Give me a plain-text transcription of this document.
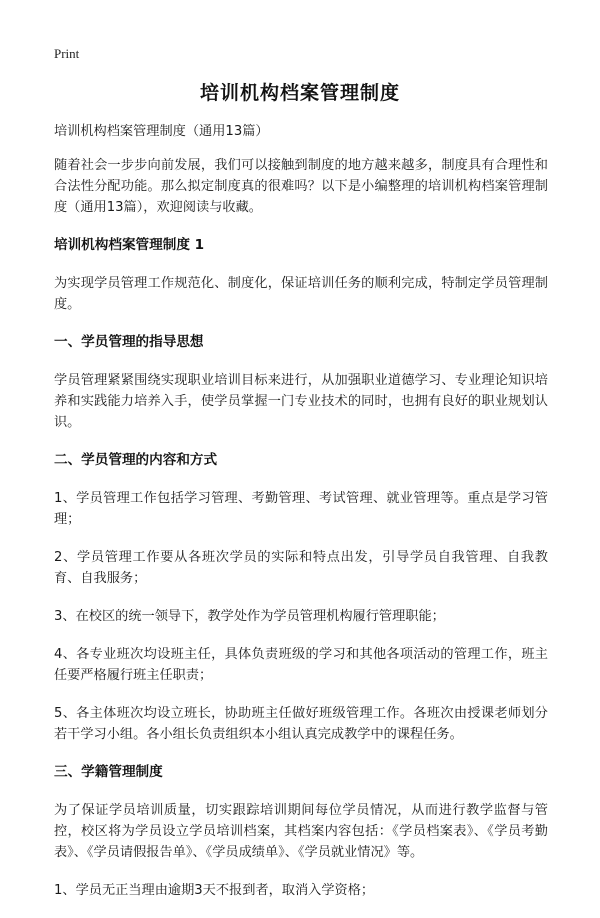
Print
培训机构档案管理制度
培训机构档案管理制度（通用13篇）
随着社会一步步向前发展，我们可以接触到制度的地方越来越多，制度具有合理性和合法性分配功能。那么拟定制度真的很难吗？以下是小编整理的培训机构档案管理制度（通用13篇），欢迎阅读与收藏。
培训机构档案管理制度 1
为实现学员管理工作规范化、制度化，保证培训任务的顺利完成，特制定学员管理制度。
一、学员管理的指导思想
学员管理紧紧围绕实现职业培训目标来进行，从加强职业道德学习、专业理论知识培养和实践能力培养入手，使学员掌握一门专业技术的同时，也拥有良好的职业规划认识。
二、学员管理的内容和方式
1、学员管理工作包括学习管理、考勤管理、考试管理、就业管理等。重点是学习管理；
2、学员管理工作要从各班次学员的实际和特点出发，引导学员自我管理、自我教育、自我服务；
3、在校区的统一领导下，教学处作为学员管理机构履行管理职能；
4、各专业班次均设班主任，具体负责班级的学习和其他各项活动的管理工作，班主任要严格履行班主任职责；
5、各主体班次均设立班长，协助班主任做好班级管理工作。各班次由授课老师划分若干学习小组。各小组长负责组织本小组认真完成教学中的课程任务。
三、学籍管理制度
为了保证学员培训质量，切实跟踪培训期间每位学员情况，从而进行教学监督与管控，校区将为学员设立学员培训档案，其档案内容包括：《学员档案表》、《学员考勤表》、《学员请假报告单》、《学员成绩单》、《学员就业情况》等。
1、学员无正当理由逾期3天不报到者，取消入学资格；
